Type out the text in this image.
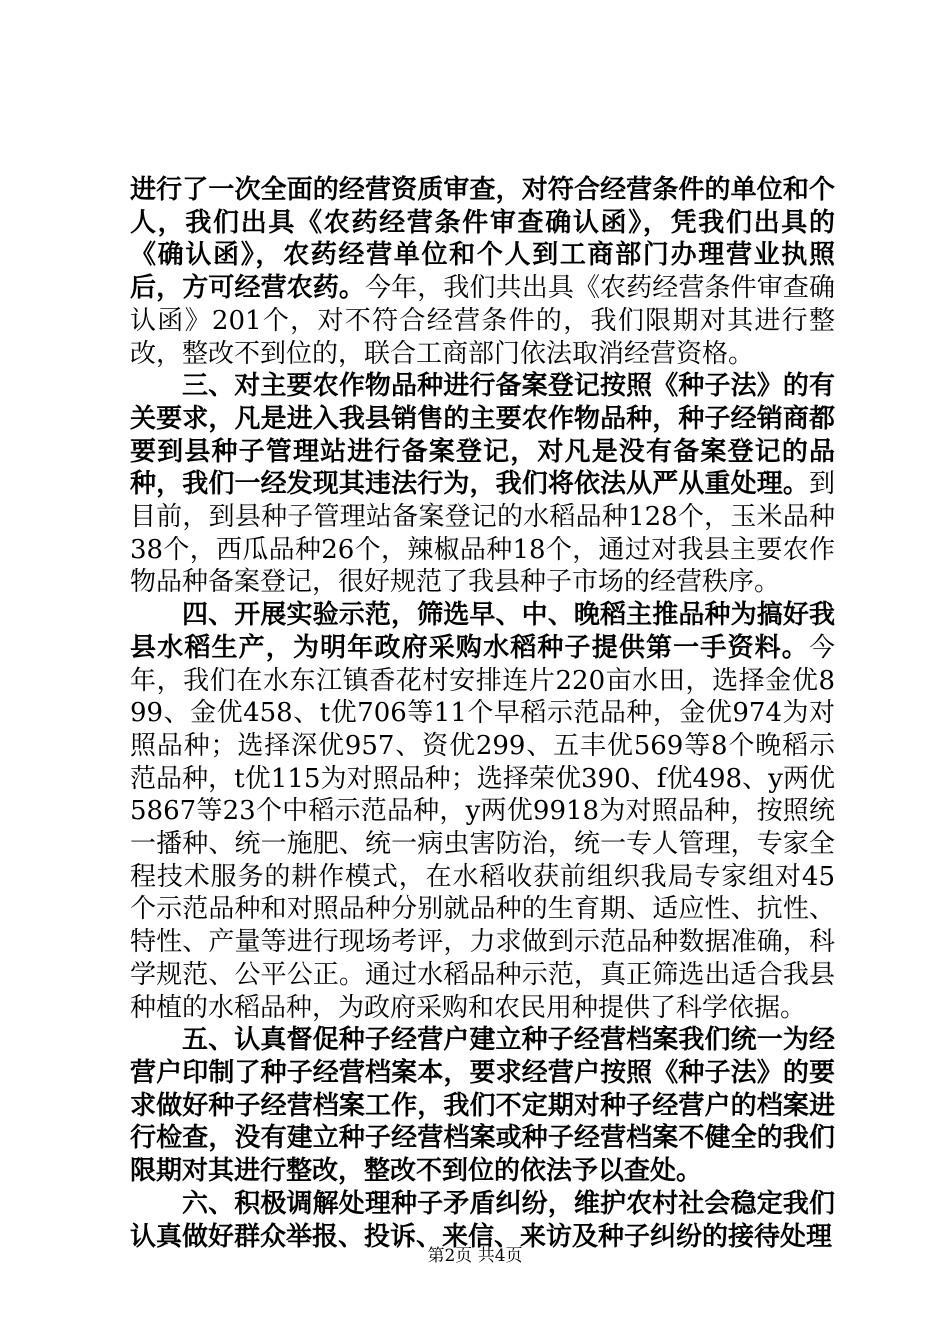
进行了一次全面的经营资质审查，对符合经营条件的单位和个人，我们出具《农药经营条件审查确认函》，凭我们出具的《确认函》，农药经营单位和个人到工商部门办理营业执照后，方可经营农药。今年，我们共出具《农药经营条件审查确认函》201个，对不符合经营条件的，我们限期对其进行整改，整改不到位的，联合工商部门依法取消经营资格。

三、对主要农作物品种进行备案登记按照《种子法》的有关要求，凡是进入我县销售的主要农作物品种，种子经销商都要到县种子管理站进行备案登记，对凡是没有备案登记的品种，我们一经发现其违法行为，我们将依法从严从重处理。到目前，到县种子管理站备案登记的水稻品种128个，玉米品种38个，西瓜品种26个，辣椒品种18个，通过对我县主要农作物品种备案登记，很好规范了我县种子市场的经营秩序。

四、开展实验示范，筛选早、中、晚稻主推品种为搞好我县水稻生产，为明年政府采购水稻种子提供第一手资料。今年，我们在水东江镇香花村安排连片220亩水田，选择金优899、金优458、t优706等11个早稻示范品种，金优974为对照品种；选择深优957、资优299、五丰优569等8个晚稻示范品种，t优115为对照品种；选择荣优390、f优498、y两优5867等23个中稻示范品种，y两优9918为对照品种，按照统一播种、统一施肥、统一病虫害防治，统一专人管理，专家全程技术服务的耕作模式，在水稻收获前组织我局专家组对45个示范品种和对照品种分别就品种的生育期、适应性、抗性、特性、产量等进行现场考评，力求做到示范品种数据准确，科学规范、公平公正。通过水稻品种示范，真正筛选出适合我县种植的水稻品种，为政府采购和农民用种提供了科学依据。

五、认真督促种子经营户建立种子经营档案我们统一为经营户印制了种子经营档案本，要求经营户按照《种子法》的要求做好种子经营档案工作，我们不定期对种子经营户的档案进行检查，没有建立种子经营档案或种子经营档案不健全的我们限期对其进行整改，整改不到位的依法予以查处。

六、积极调解处理种子矛盾纠纷，维护农村社会稳定我们认真做好群众举报、投诉、来信、来访及种子纠纷的接待处理

第2页 共4页
